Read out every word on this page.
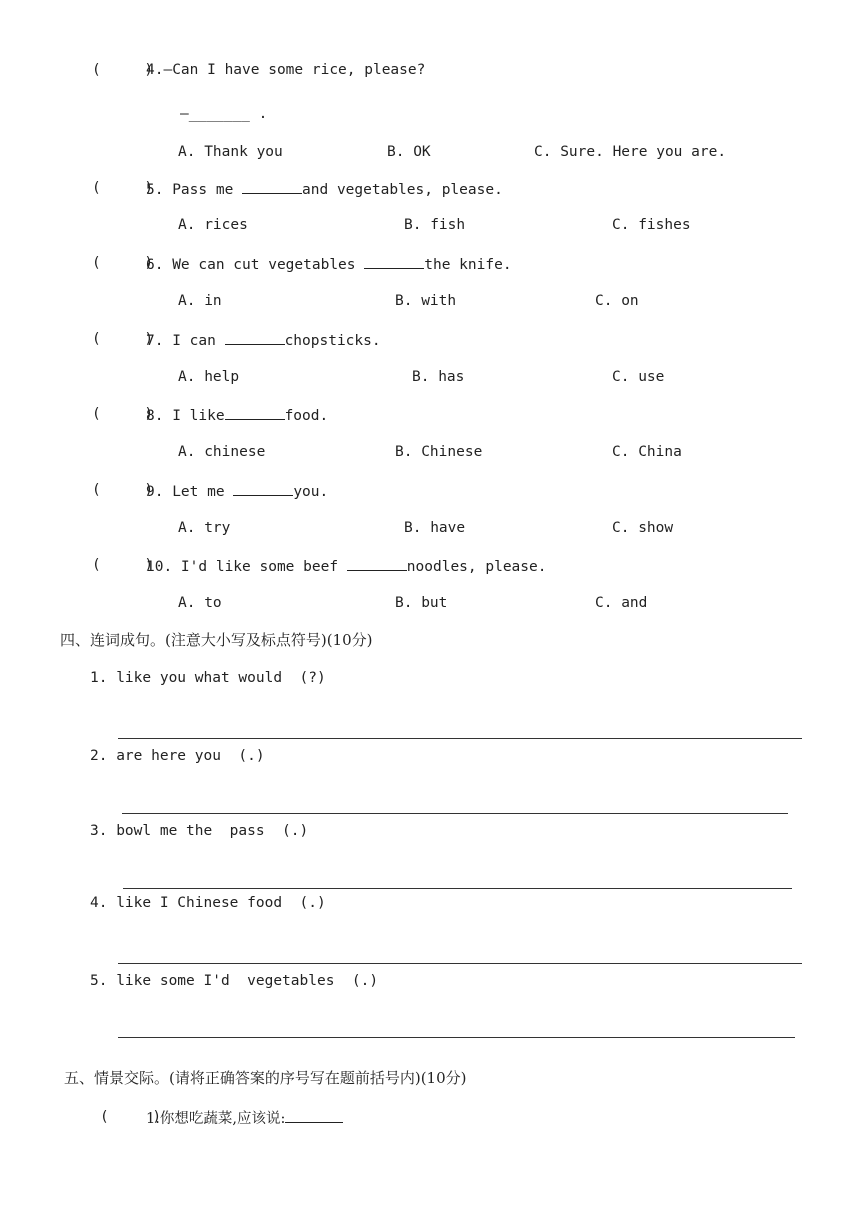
(     )
4.—Can I have some rice, please?
—_______ .
A. Thank you	B. OK	C. Sure. Here you are.
(     )
5. Pass me	and vegetables, please.
A. rices	B. fish	C. fishes
(     )
6. We can cut vegetables	the knife.
A. in	B. with	C. on
(     )
7. I can	chopsticks.
A. help	B. has	C. use
(     )
8. I like	food.
A. chinese	B. Chinese	C. China
(     )
9. Let me	you.
A. try	B. have	C. show
(     )
10. I'd like some beef	noodles, please.
A. to	B. but	C. and
四、连词成句。(注意大小写及标点符号)(10分)
1. like you what would  (?)
2. are here you  (.)
3. bowl me the  pass  (.)
4. like I Chinese food  (.)
5. like some I'd  vegetables  (.)
五、情景交际。(请将正确答案的序号写在题前括号内)(10分)
(     )
1.你想吃蔬菜,应该说:
